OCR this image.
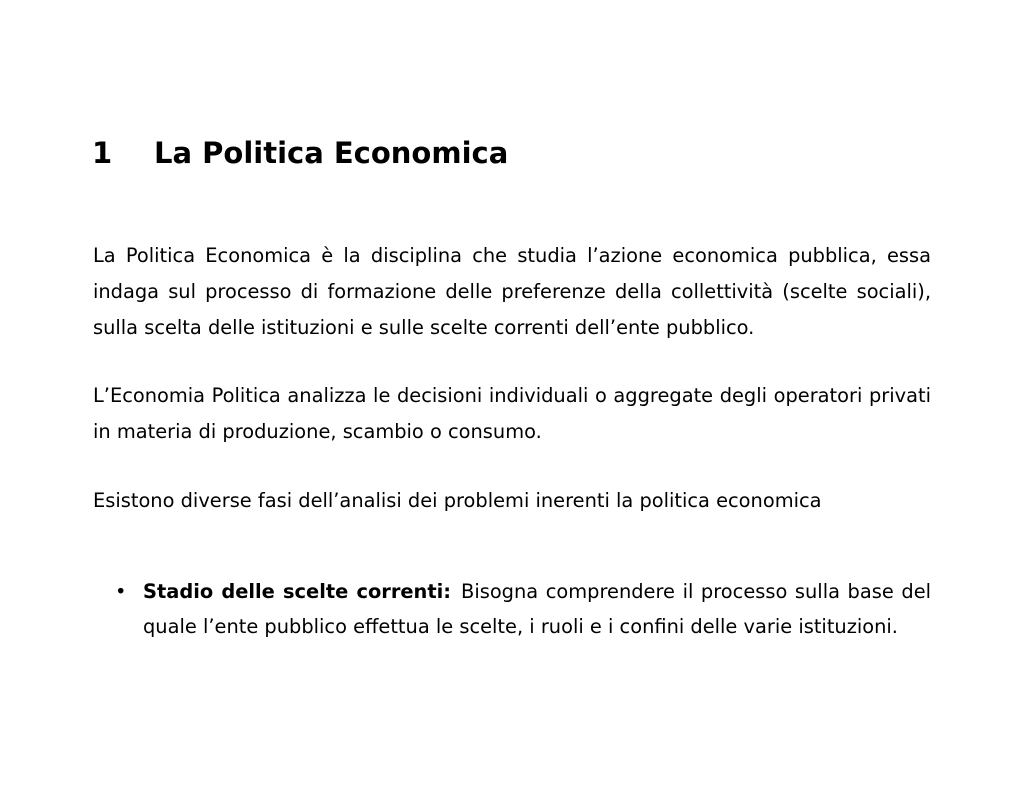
1 La Politica Economica

La Politica Economica è la disciplina che studia l’azione economica pubblica, essa indaga sul processo di formazione delle preferenze della collettività (scelte sociali), sulla scelta delle istituzioni e sulle scelte correnti dell’ente pubblico.

L’Economia Politica analizza le decisioni individuali o aggregate degli operatori privati in materia di produzione, scambio o consumo.

Esistono diverse fasi dell’analisi dei problemi inerenti la politica economica

• Stadio delle scelte correnti: Bisogna comprendere il processo sulla base del quale l’ente pubblico effettua le scelte, i ruoli e i confini delle varie istituzioni.
